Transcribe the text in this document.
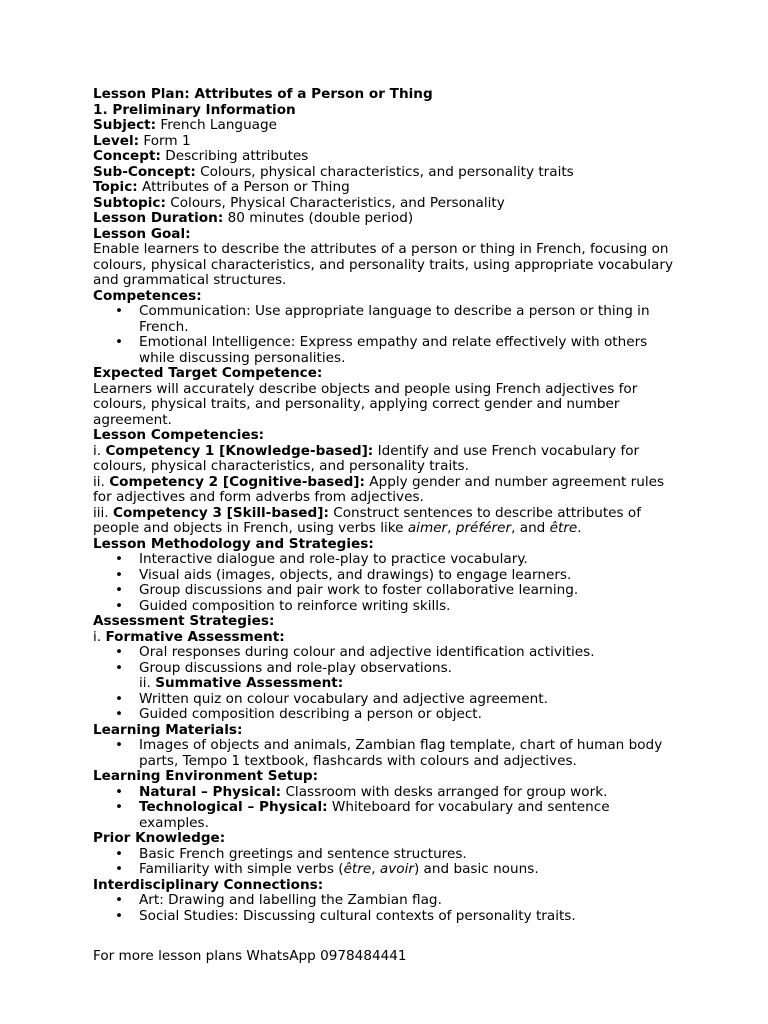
Lesson Plan: Attributes of a Person or Thing

1. Preliminary Information

Subject: French Language

Level: Form 1

Concept: Describing attributes

Sub-Concept: Colours, physical characteristics, and personality traits

Topic: Attributes of a Person or Thing

Subtopic: Colours, Physical Characteristics, and Personality

Lesson Duration: 80 minutes (double period)

Lesson Goal:

Enable learners to describe the attributes of a person or thing in French, focusing on colours, physical characteristics, and personality traits, using appropriate vocabulary and grammatical structures.

Competences:

• Communication: Use appropriate language to describe a person or thing in French.
• Emotional Intelligence: Express empathy and relate effectively with others while discussing personalities.

Expected Target Competence:

Learners will accurately describe objects and people using French adjectives for colours, physical traits, and personality, applying correct gender and number agreement.

Lesson Competencies:

i. Competency 1 [Knowledge-based]: Identify and use French vocabulary for colours, physical characteristics, and personality traits.

ii. Competency 2 [Cognitive-based]: Apply gender and number agreement rules for adjectives and form adverbs from adjectives.

iii. Competency 3 [Skill-based]: Construct sentences to describe attributes of people and objects in French, using verbs like aimer, préférer, and être.

Lesson Methodology and Strategies:

• Interactive dialogue and role-play to practice vocabulary.
• Visual aids (images, objects, and drawings) to engage learners.
• Group discussions and pair work to foster collaborative learning.
• Guided composition to reinforce writing skills.

Assessment Strategies:

i. Formative Assessment:

• Oral responses during colour and adjective identification activities.
• Group discussions and role-play observations.
ii. Summative Assessment:
• Written quiz on colour vocabulary and adjective agreement.
• Guided composition describing a person or object.

Learning Materials:

• Images of objects and animals, Zambian flag template, chart of human body parts, Tempo 1 textbook, flashcards with colours and adjectives.

Learning Environment Setup:

• Natural – Physical: Classroom with desks arranged for group work.
• Technological – Physical: Whiteboard for vocabulary and sentence examples.

Prior Knowledge:

• Basic French greetings and sentence structures.
• Familiarity with simple verbs (être, avoir) and basic nouns.

Interdisciplinary Connections:

• Art: Drawing and labelling the Zambian flag.
• Social Studies: Discussing cultural contexts of personality traits.
For more lesson plans WhatsApp 0978484441
